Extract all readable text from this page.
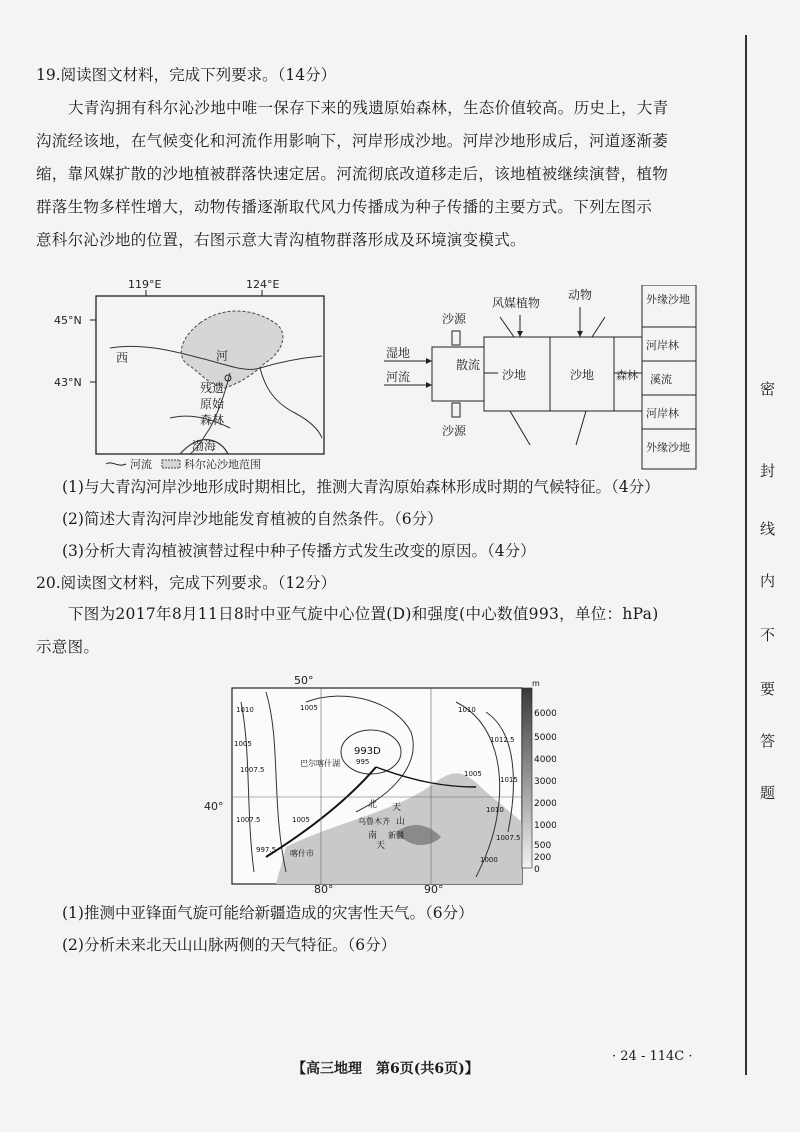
密
封
线
内
不
要
答
题
19.阅读图文材料，完成下列要求。（14分）
大青沟拥有科尔沁沙地中唯一保存下来的残遗原始森林，生态价值较高。历史上，大青
沟流经该地，在气候变化和河流作用影响下，河岸形成沙地。河岸沙地形成后，河道逐渐萎
缩，靠风媒扩散的沙地植被群落快速定居。河流彻底改道移走后，该地植被继续演替，植物
群落生物多样性增大，动物传播逐渐取代风力传播成为种子传播的主要方式。下列左图示
意科尔沁沙地的位置，右图示意大青沟植物群落形成及环境演变模式。
119°E	124°E
45°N
43°N
西	河
残遗
原始
森林
渤海
河流	科尔沁沙地范围
沙源
沙源
风媒植物
动物
湿地
河流
散流
沙地	沙地 森林
外缘沙地
河岸林
溪流
河岸林
外缘沙地
(1)与大青沟河岸沙地形成时期相比，推测大青沟原始森林形成时期的气候特征。（4分）
(2)简述大青沟河岸沙地能发育植被的自然条件。（6分）
(3)分析大青沟植被演替过程中种子传播方式发生改变的原因。（4分）
20.阅读图文材料，完成下列要求。（12分）
下图为2017年8月11日8时中亚气旋中心位置(D)和强度(中心数值993，单位：hPa)
示意图。
50°
40°
80°	90°
993D
巴尔喀什湖
1010	1005
1007.5
1005
995
1007.5
1010
1012.5
1015
1010
1007.5
1005
1000
997.5
1005
北 天
乌鲁木齐 山
南 新疆
天
喀什市
m
6000
5000
4000
3000
2000
1000
500
200
0
(1)推测中亚锋面气旋可能给新疆造成的灾害性天气。（6分）
(2)分析未来北天山山脉两侧的天气特征。（6分）
【高三地理　第6页(共6页)】
· 24 - 114C ·
